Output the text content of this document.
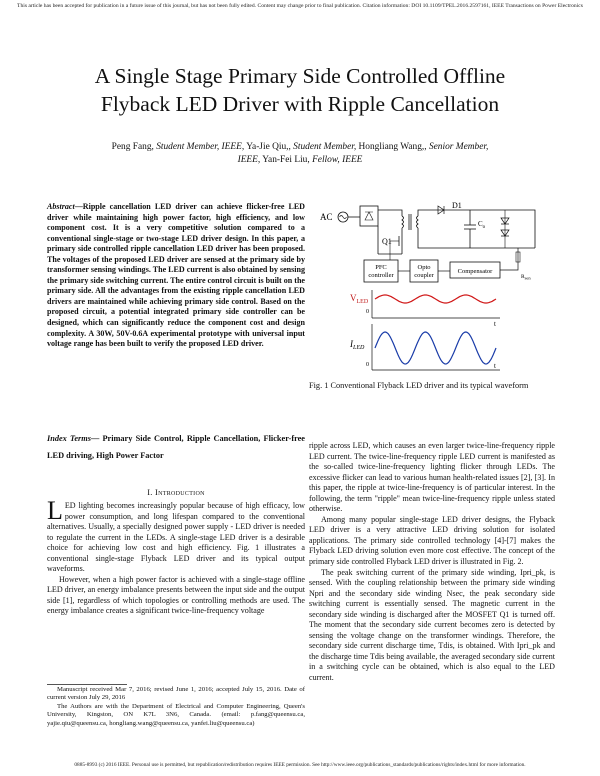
This article has been accepted for publication in a future issue of this journal, but has not been fully edited. Content may change prior to final publication. Citation information: DOI 10.1109/TPEL.2016.2597161, IEEE Transactions on Power Electronics
A Single Stage Primary Side Controlled Offline
Flyback LED Driver with Ripple Cancellation
Peng Fang, Student Member, IEEE, Ya-Jie Qiu,, Student Member, Hongliang Wang,, Senior Member,
IEEE, Yan-Fei Liu, Fellow, IEEE
Abstract—Ripple cancellation LED driver can achieve flicker-free LED driver while maintaining high power factor, high efficiency, and low component cost. It is a very competitive solution compared to a conventional single-stage or two-stage LED driver design. In this paper, a primary side controlled ripple cancellation LED driver has been proposed. The voltages of the proposed LED driver are sensed at the primary side by transformer sensing windings. The LED current is also obtained by sensing the primary side switching current. The entire control circuit is built on the primary side. All the advantages from the existing ripple cancellation LED drivers are maintained while achieving primary side control. Based on the proposed circuit, a potential integrated primary side controller can be designed, which can significantly reduce the component cost and design complexity. A 30W, 50V-0.6A experimental prototype with universal input voltage range has been built to verify the proposed LED driver.
Index Terms— Primary Side Control, Ripple Cancellation, Flicker-free LED driving, High Power Factor
I. Introduction

LED lighting becomes increasingly popular because of high efficacy, low power consumption, and long lifespan compared to the conventional alternatives. Usually, a specially designed power supply - LED driver is needed to regulate the current in the LEDs. A single-stage LED driver is a desirable choice for achieving low cost and high efficiency. Fig. 1 illustrates a conventional single-stage Flyback LED driver and its typical output waveforms.

However, when a high power factor is achieved with a single-stage offline LED driver, an energy imbalance presents between the input side and the output side [1], regardless of which topologies or controlling methods are used. The energy imbalance creates a significant twice-line-frequency voltage

Manuscript received Mar 7, 2016; revised June 1, 2016; accepted July 15, 2016. Date of current version July 29, 2016

The Authors are with the Department of Electrical and Computer Engineering, Queen's University, Kingston, ON K7L 3N6, Canada. (email: p.fang@queensu.ca, yajie.qiu@queensu.ca, hongliang.wang@queensu.ca, yanfei.liu@queensu.ca)

AC
Q1
D1
$C_o$
PFC
controller
Opto
coupler
Compensator
$R_{sen}$
$V_{LED}$
0
t
$I_{LED}$
0	t
Fig. 1 Conventional Flyback LED driver and its typical waveform

ripple across LED, which causes an even larger twice-line-frequency ripple LED current. The twice-line-frequency ripple LED current is manifested as the so-called twice-line-frequency lighting flicker through LEDs. The excessive flicker can lead to various human health-related issues [2], [3]. In this paper, the ripple at twice-line-frequency is of particular interest. In the following, the term "ripple" mean twice-line-frequency ripple unless stated otherwise.

Among many popular single-stage LED driver designs, the Flyback LED driver is a very attractive LED driving solution for isolated applications. The primary side controlled technology [4]-[7] makes the Flyback LED driving solution even more cost effective. The concept of the primary side controlled Flyback LED driver is illustrated in Fig. 2.

The peak switching current of the primary side winding, Ipri_pk, is sensed. With the coupling relationship between the primary side winding Npri and the secondary side winding Nsec, the peak secondary side switching current is essentially sensed. The magnetic current in the secondary side winding is discharged after the MOSFET Q1 is turned off. The moment that the secondary side current becomes zero is detected by sensing the voltage change on the transformer windings. Therefore, the secondary side current discharge time, Tdis, is obtained. With Ipri_pk and the discharge time Tdis being available, the averaged secondary side current in a switching cycle can be obtained, which is also equal to the LED current.

0885-8993 (c) 2016 IEEE. Personal use is permitted, but republication/redistribution requires IEEE permission. See http://www.ieee.org/publications_standards/publications/rights/index.html for more information.
